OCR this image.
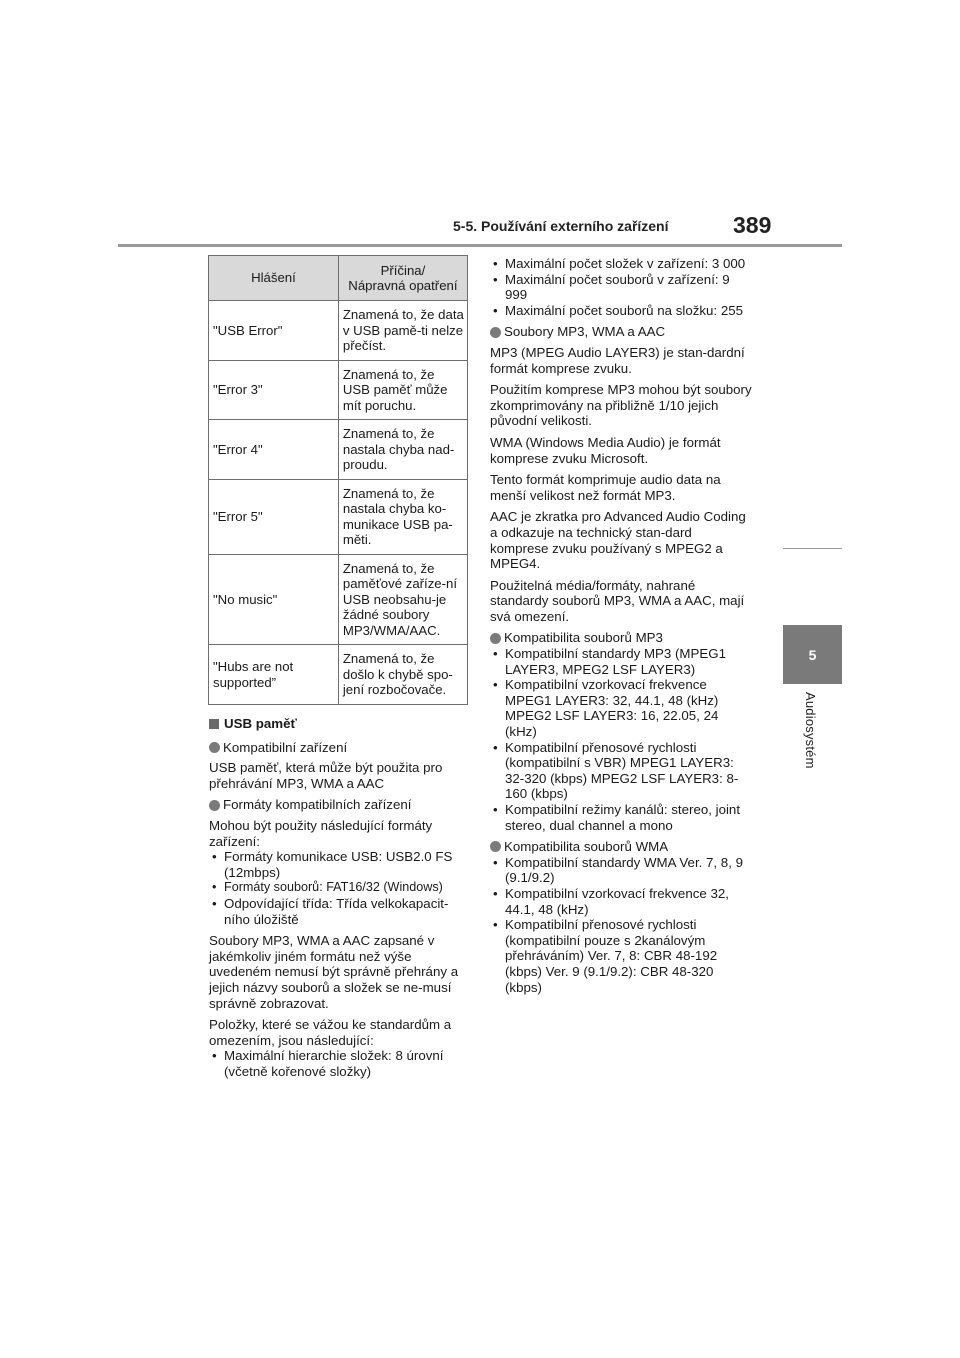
5-5. Používání externího zařízení	389
5
Audiosystém
Hlášení	Příčina/
Nápravná opatření
"USB Error"	Znamená to, že data v USB pamě-ti nelze přečíst.
"Error 3"	Znamená to, že USB paměť může mít poruchu.
"Error 4"	Znamená to, že nastala chyba nad-proudu.
"Error 5"	Znamená to, že nastala chyba ko-munikace USB pa-měti.
"No music"	Znamená to, že paměťové zaříze-ní USB neobsahu-je žádné soubory MP3/WMA/AAC.
"Hubs are not supported”	Znamená to, že došlo k chybě spo-jení rozbočovače.
USB paměť
Kompatibilní zařízení

USB paměť, která může být použita pro přehrávání MP3, WMA a AAC

Formáty kompatibilních zařízení

Mohou být použity následující formáty zařízení:

• Formáty komunikace USB: USB2.0 FS (12mbps)
• Formáty souborů: FAT16/32 (Windows)
• Odpovídající třída: Třída velkokapacit-ního úložiště

Soubory MP3, WMA a AAC zapsané v jakémkoliv jiném formátu než výše uvedeném nemusí být správně přehrány a jejich názvy souborů a složek se ne-musí správně zobrazovat.

Položky, které se vážou ke standardům a omezením, jsou následující:

• Maximální hierarchie složek: 8 úrovní (včetně kořenové složky)
• Maximální počet složek v zařízení: 3 000
• Maximální počet souborů v zařízení: 9 999
• Maximální počet souborů na složku: 255
Soubory MP3, WMA a AAC

MP3 (MPEG Audio LAYER3) je stan-dardní formát komprese zvuku.

Použitím komprese MP3 mohou být soubory zkomprimovány na přibližně 1/10 jejich původní velikosti.

WMA (Windows Media Audio) je formát komprese zvuku Microsoft.

Tento formát komprimuje audio data na menší velikost než formát MP3.

AAC je zkratka pro Advanced Audio Coding a odkazuje na technický stan-dard komprese zvuku používaný s MPEG2 a MPEG4.

Použitelná média/formáty, nahrané standardy souborů MP3, WMA a AAC, mají svá omezení.

Kompatibilita souborů MP3
• Kompatibilní standardy MP3 (MPEG1 LAYER3, MPEG2 LSF LAYER3)
• Kompatibilní vzorkovací frekvence MPEG1 LAYER3: 32, 44.1, 48 (kHz) MPEG2 LSF LAYER3: 16, 22.05, 24 (kHz)
• Kompatibilní přenosové rychlosti (kompatibilní s VBR) MPEG1 LAYER3: 32-320 (kbps) MPEG2 LSF LAYER3: 8-160 (kbps)
• Kompatibilní režimy kanálů: stereo, joint stereo, dual channel a mono
Kompatibilita souborů WMA
• Kompatibilní standardy WMA Ver. 7, 8, 9 (9.1/9.2)
• Kompatibilní vzorkovací frekvence 32, 44.1, 48 (kHz)
• Kompatibilní přenosové rychlosti (kompatibilní pouze s 2kanálovým přehráváním) Ver. 7, 8: CBR 48-192 (kbps) Ver. 9 (9.1/9.2): CBR 48-320 (kbps)
